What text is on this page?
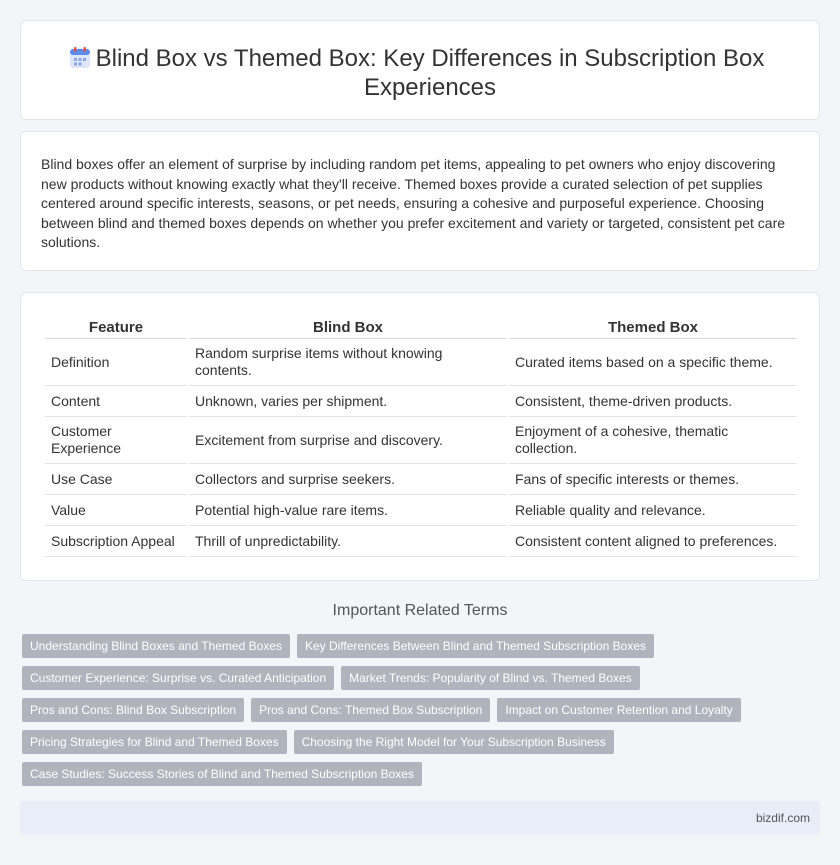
Blind Box vs Themed Box: Key Differences in Subscription Box Experiences

Blind boxes offer an element of surprise by including random pet items, appealing to pet owners who enjoy discovering new products without knowing exactly what they'll receive. Themed boxes provide a curated selection of pet supplies centered around specific interests, seasons, or pet needs, ensuring a cohesive and purposeful experience. Choosing between blind and themed boxes depends on whether you prefer excitement and variety or targeted, consistent pet care solutions.

Feature	Blind Box	Themed Box
Definition	Random surprise items without knowing contents.	Curated items based on a specific theme.
Content	Unknown, varies per shipment.	Consistent, theme-driven products.
Customer Experience	Excitement from surprise and discovery.	Enjoyment of a cohesive, thematic collection.
Use Case	Collectors and surprise seekers.	Fans of specific interests or themes.
Value	Potential high-value rare items.	Reliable quality and relevance.
Subscription Appeal	Thrill of unpredictability.	Consistent content aligned to preferences.
Important Related Terms
Understanding Blind Boxes and Themed Boxes	Key Differences Between Blind and Themed Subscription Boxes
Customer Experience: Surprise vs. Curated Anticipation	Market Trends: Popularity of Blind vs. Themed Boxes
Pros and Cons: Blind Box Subscription	Pros and Cons: Themed Box Subscription	Impact on Customer Retention and Loyalty
Pricing Strategies for Blind and Themed Boxes	Choosing the Right Model for Your Subscription Business
Case Studies: Success Stories of Blind and Themed Subscription Boxes
bizdif.com
